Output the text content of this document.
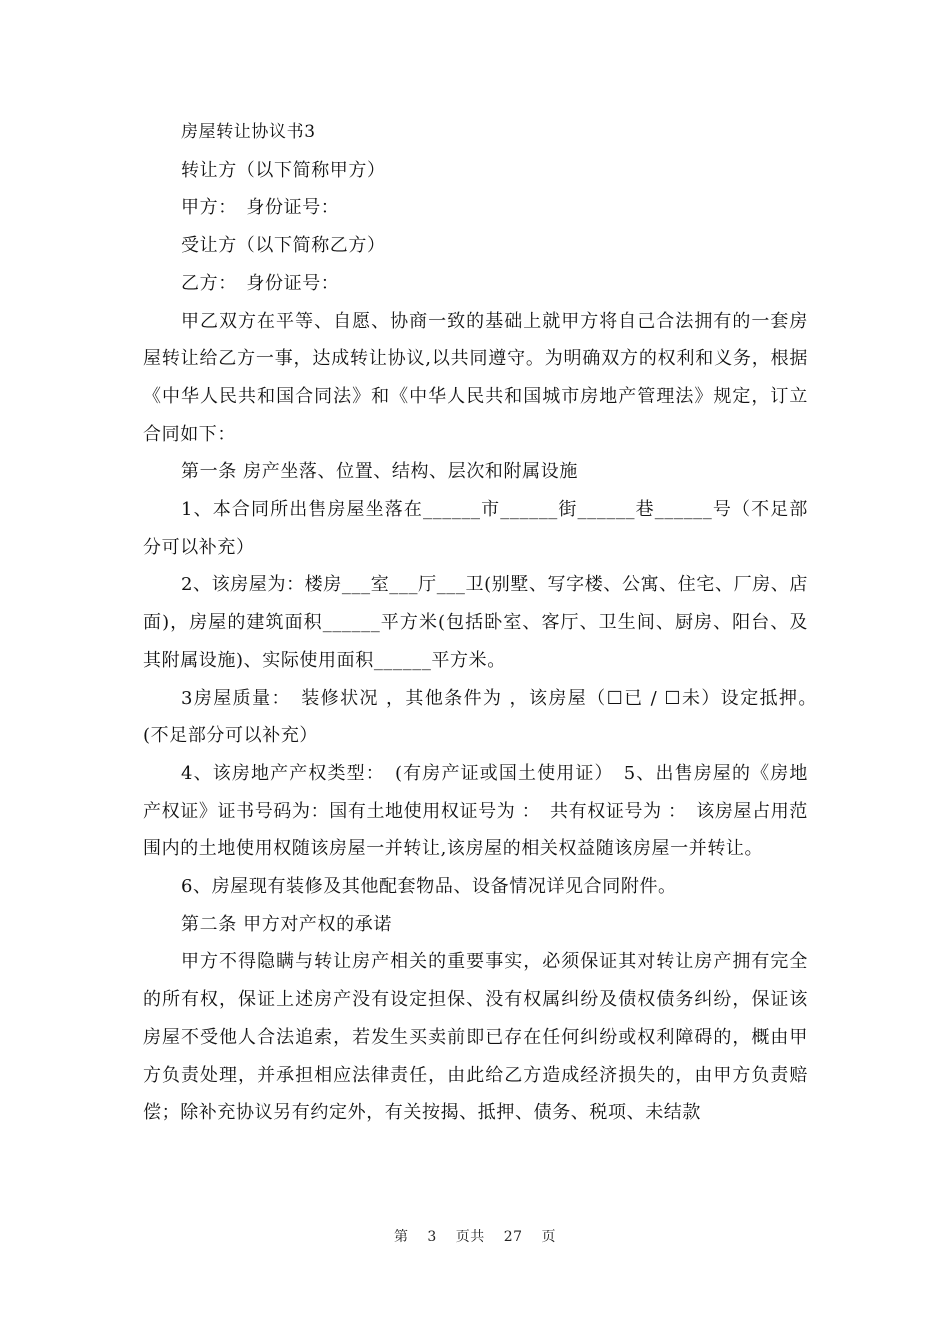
房屋转让协议书3

转让方（以下简称甲方）

甲方：　身份证号：

受让方（以下简称乙方）

乙方：　身份证号：

甲乙双方在平等、自愿、协商一致的基础上就甲方将自己合法拥有的一套房屋转让给乙方一事，达成转让协议,以共同遵守。为明确双方的权利和义务，根据《中华人民共和国合同法》和《中华人民共和国城市房地产管理法》规定，订立合同如下：

第一条 房产坐落、位置、结构、层次和附属设施

1、本合同所出售房屋坐落在______市______街______巷______号（不足部分可以补充）

2、该房屋为：楼房___室___厅___卫(别墅、写字楼、公寓、住宅、厂房、店面)，房屋的建筑面积______平方米(包括卧室、客厅、卫生间、厨房、阳台、及其附属设施)、实际使用面积______平方米。

3房屋质量：　装修状况 ，其他条件为 ，该房屋（☐已 / ☐未）设定抵押。　(不足部分可以补充）

4、该房地产产权类型：　(有房产证或国土使用证）　5、出售房屋的《房地产权证》证书号码为：国有土地使用权证号为 ：　共有权证号为 ：　该房屋占用范围内的土地使用权随该房屋一并转让,该房屋的相关权益随该房屋一并转让。

6、房屋现有装修及其他配套物品、设备情况详见合同附件。

第二条 甲方对产权的承诺

甲方不得隐瞒与转让房产相关的重要事实，必须保证其对转让房产拥有完全的所有权，保证上述房产没有设定担保、没有权属纠纷及债权债务纠纷，保证该房屋不受他人合法追索，若发生买卖前即已存在任何纠纷或权利障碍的，概由甲方负责处理，并承担相应法律责任，由此给乙方造成经济损失的，由甲方负责赔偿；除补充协议另有约定外，有关按揭、抵押、债务、税项、未结款

第 3 页共 27 页
